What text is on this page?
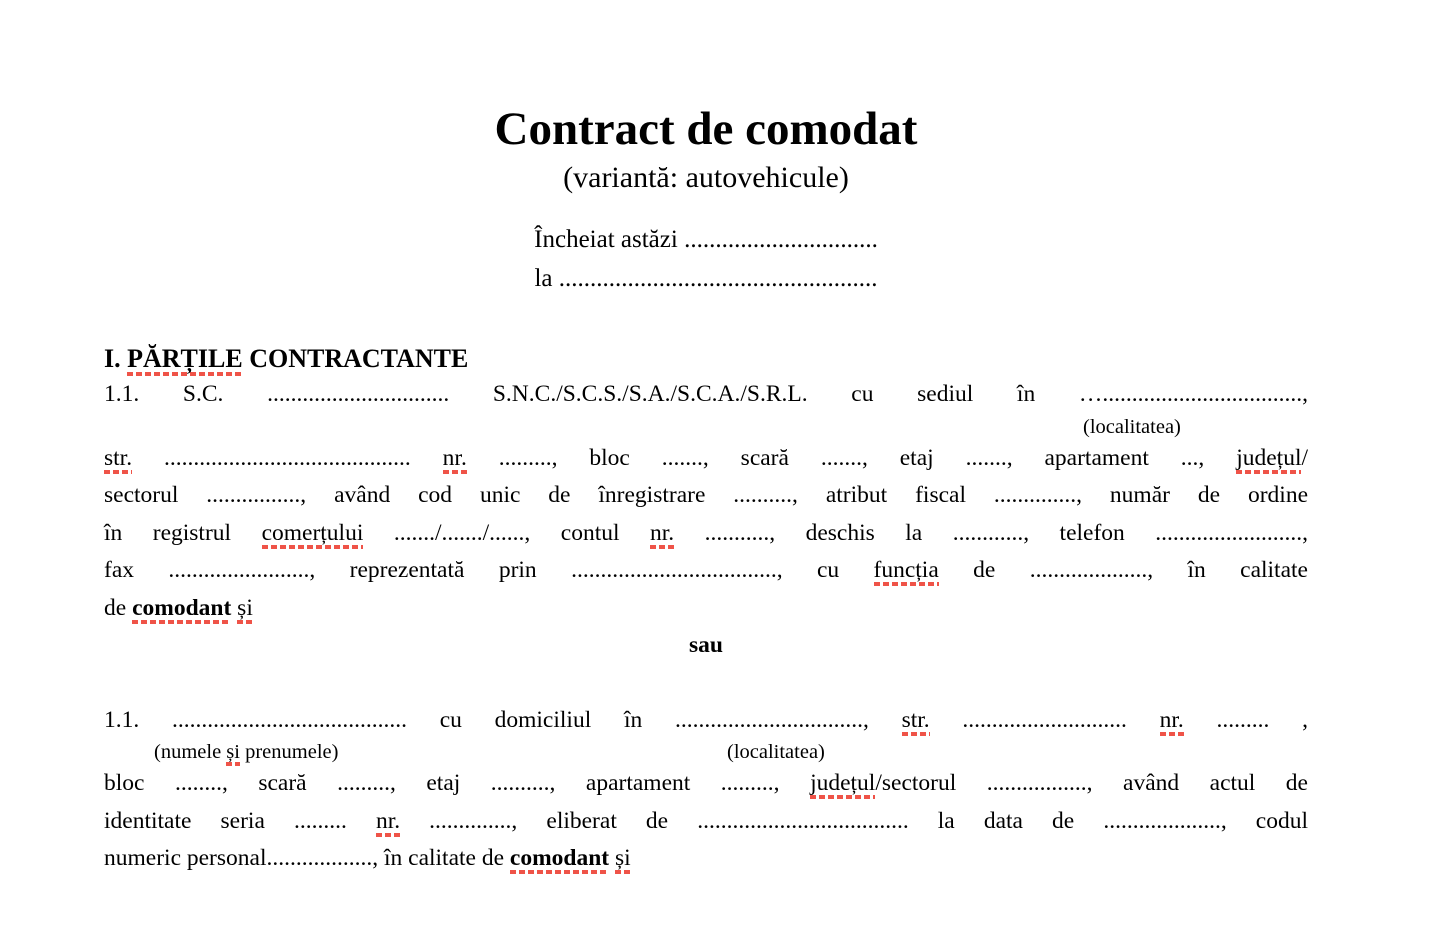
Contract de comodat
(variantă: autovehicule)
Încheiat astăzi ...............................
la ...................................................
I. PĂRȚILE CONTRACTANTE
1.1. S.C. ............................... S.N.C./S.C.S./S.A./S.C.A./S.R.L. cu sediul în …..................................,
(localitatea)
str. .......................................... nr. ........., bloc ......., scară ......., etaj ......., apartament ..., județul/
sectorul ................, având cod unic de înregistrare .........., atribut fiscal .............., număr de ordine
în registrul comerțului ......./......./......, contul nr. ..........., deschis la ............, telefon .........................,
fax ........................, reprezentată prin ..................................., cu funcția de ...................., în calitate
de comodant și
sau
1.1. ........................................ cu domiciliul în ................................, str. ............................ nr. ......... ,
(numele și prenumele)	(localitatea)
bloc ........, scară ........., etaj .........., apartament ........., județul/sectorul ................., având actul de
identitate seria ......... nr. .............., eliberat de .................................... la data de ...................., codul
numeric personal.................., în calitate de comodant și
